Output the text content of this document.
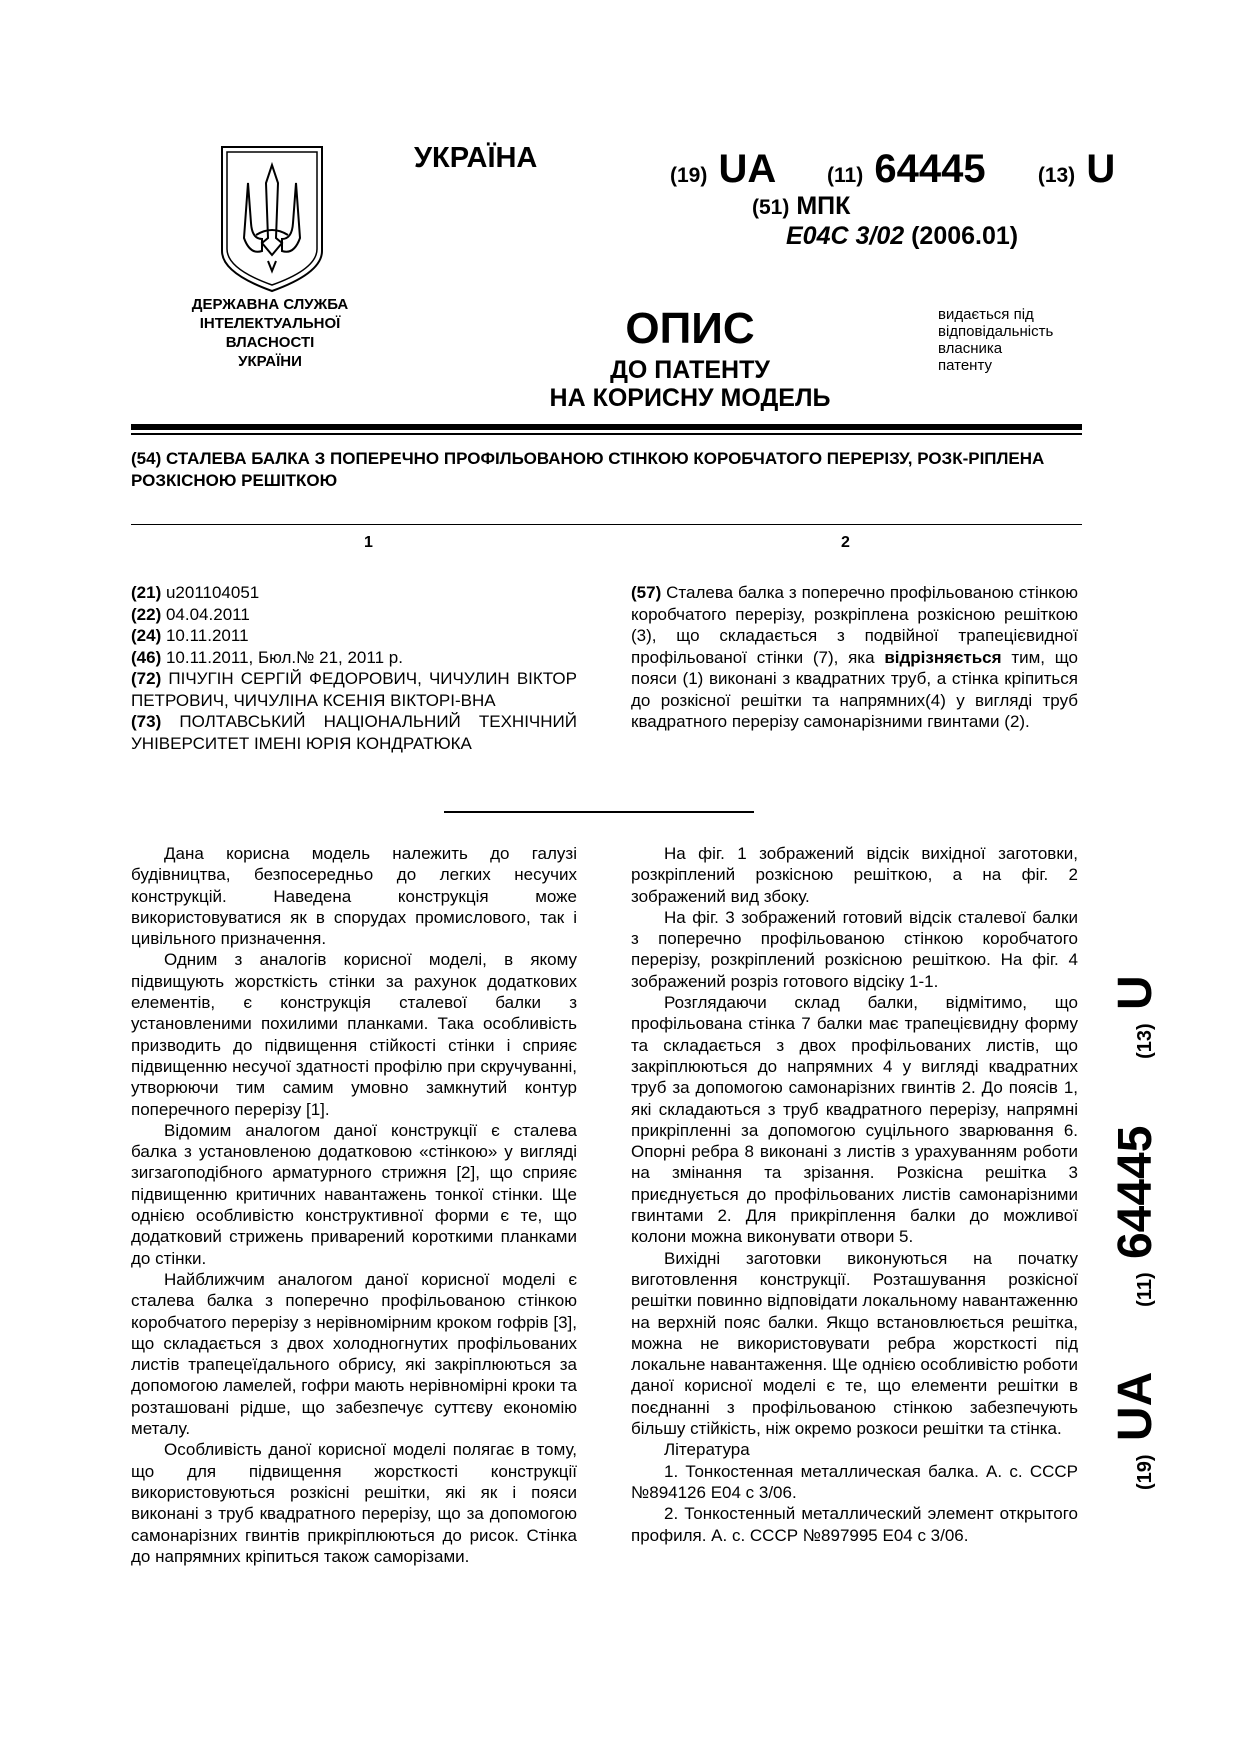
УКРАЇНА
(19) UA (11) 64445 (13) U
(51) МПК
E04C 3/02 (2006.01)
ДЕРЖАВНА СЛУЖБА
ІНТЕЛЕКТУАЛЬНОЇ
ВЛАСНОСТІ
УКРАЇНИ
ОПИС
ДО ПАТЕНТУ
НА КОРИСНУ МОДЕЛЬ
видається під
відповідальність
власника
патенту
(54) СТАЛЕВА БАЛКА З ПОПЕРЕЧНО ПРОФІЛЬОВАНОЮ СТІНКОЮ КОРОБЧАТОГО ПЕРЕРІЗУ, РОЗК-РІПЛЕНА РОЗКІСНОЮ РЕШІТКОЮ
1	2
(21) u201104051
(22) 04.04.2011
(24) 10.11.2011
(46) 10.11.2011, Бюл.№ 21, 2011 р.
(72) ПІЧУГІН СЕРГІЙ ФЕДОРОВИЧ, ЧИЧУЛИН ВІКТОР ПЕТРОВИЧ, ЧИЧУЛІНА КСЕНІЯ ВІКТОРІ-ВНА
(73) ПОЛТАВСЬКИЙ НАЦІОНАЛЬНИЙ ТЕХНІЧНИЙ УНІВЕРСИТЕТ ІМЕНІ ЮРІЯ КОНДРАТЮКА
(57) Сталева балка з поперечно профільованою стінкою коробчатого перерізу, розкріплена розкісною решіткою (3), що складається з подвійної трапецієвидної профільованої стінки (7), яка відрізняється тим, що пояси (1) виконані з квадратних труб, а стінка кріпиться до розкісної решітки та напрямних(4) у вигляді труб квадратного перерізу самонарізними гвинтами (2).

Дана корисна модель належить до галузі будівництва, безпосередньо до легких несучих конструкцій. Наведена конструкція може використовуватися як в спорудах промислового, так і цивільного призначення.

Одним з аналогів корисної моделі, в якому підвищують жорсткість стінки за рахунок додаткових елементів, є конструкція сталевої балки з установленими похилими планками. Така особливість призводить до підвищення стійкості стінки і сприяє підвищенню несучої здатності профілю при скручуванні, утворюючи тим самим умовно замкнутий контур поперечного перерізу [1].

Відомим аналогом даної конструкції є сталева балка з установленою додатковою «стінкою» у вигляді зигзагоподібного арматурного стрижня [2], що сприяє підвищенню критичних навантажень тонкої стінки. Ще однією особливістю конструктивної форми є те, що додатковий стрижень приварений короткими планками до стінки.

Найближчим аналогом даної корисної моделі є сталева балка з поперечно профільованою стінкою коробчатого перерізу з нерівномірним кроком гофрів [3], що складається з двох холодногнутих профільованих листів трапецеїдального обрису, які закріплюються за допомогою ламелей, гофри мають нерівномірні кроки та розташовані рідше, що забезпечує суттєву економію металу.

Особливість даної корисної моделі полягає в тому, що для підвищення жорсткості конструкції використовуються розкісні решітки, які як і пояси виконані з труб квадратного перерізу, що за допомогою самонарізних гвинтів прикріплюються до рисок. Стінка до напрямних кріпиться також саморізами.

На фіг. 1 зображений відсік вихідної заготовки, розкріплений розкісною решіткою, а на фіг. 2 зображений вид збоку.

На фіг. 3 зображений готовий відсік сталевої балки з поперечно профільованою стінкою коробчатого перерізу, розкріплений розкісною решіткою. На фіг. 4 зображений розріз готового відсіку 1-1.

Розглядаючи склад балки, відмітимо, що профільована стінка 7 балки має трапецієвидну форму та складається з двох профільованих листів, що закріплюються до напрямних 4 у вигляді квадратних труб за допомогою самонарізних гвинтів 2. До поясів 1, які складаються з труб квадратного перерізу, напрямні прикріпленні за допомогою суцільного зварювання 6. Опорні ребра 8 виконані з листів з урахуванням роботи на змінання та зрізання. Розкісна решітка 3 приєднується до профільованих листів самонарізними гвинтами 2. Для прикріплення балки до можливої колони можна виконувати отвори 5.

Вихідні заготовки виконуються на початку виготовлення конструкції. Розташування розкісної решітки повинно відповідати локальному навантаженню на верхній пояс балки. Якщо встановлюється решітка, можна не використовувати ребра жорсткості під локальне навантаження. Ще однією особливістю роботи даної корисної моделі є те, що елементи решітки в поєднанні з профільованою стінкою забезпечують більшу стійкість, ніж окремо розкоси решітки та стінка.

Література

1. Тонкостенная металлическая балка. А. с. СССР №894126 E04 c 3/06.

2. Тонкостенный металлический элемент открытого профиля. А. с. СССР №897995 E04 c 3/06.

(19) UA  (11) 64445  (13) U
